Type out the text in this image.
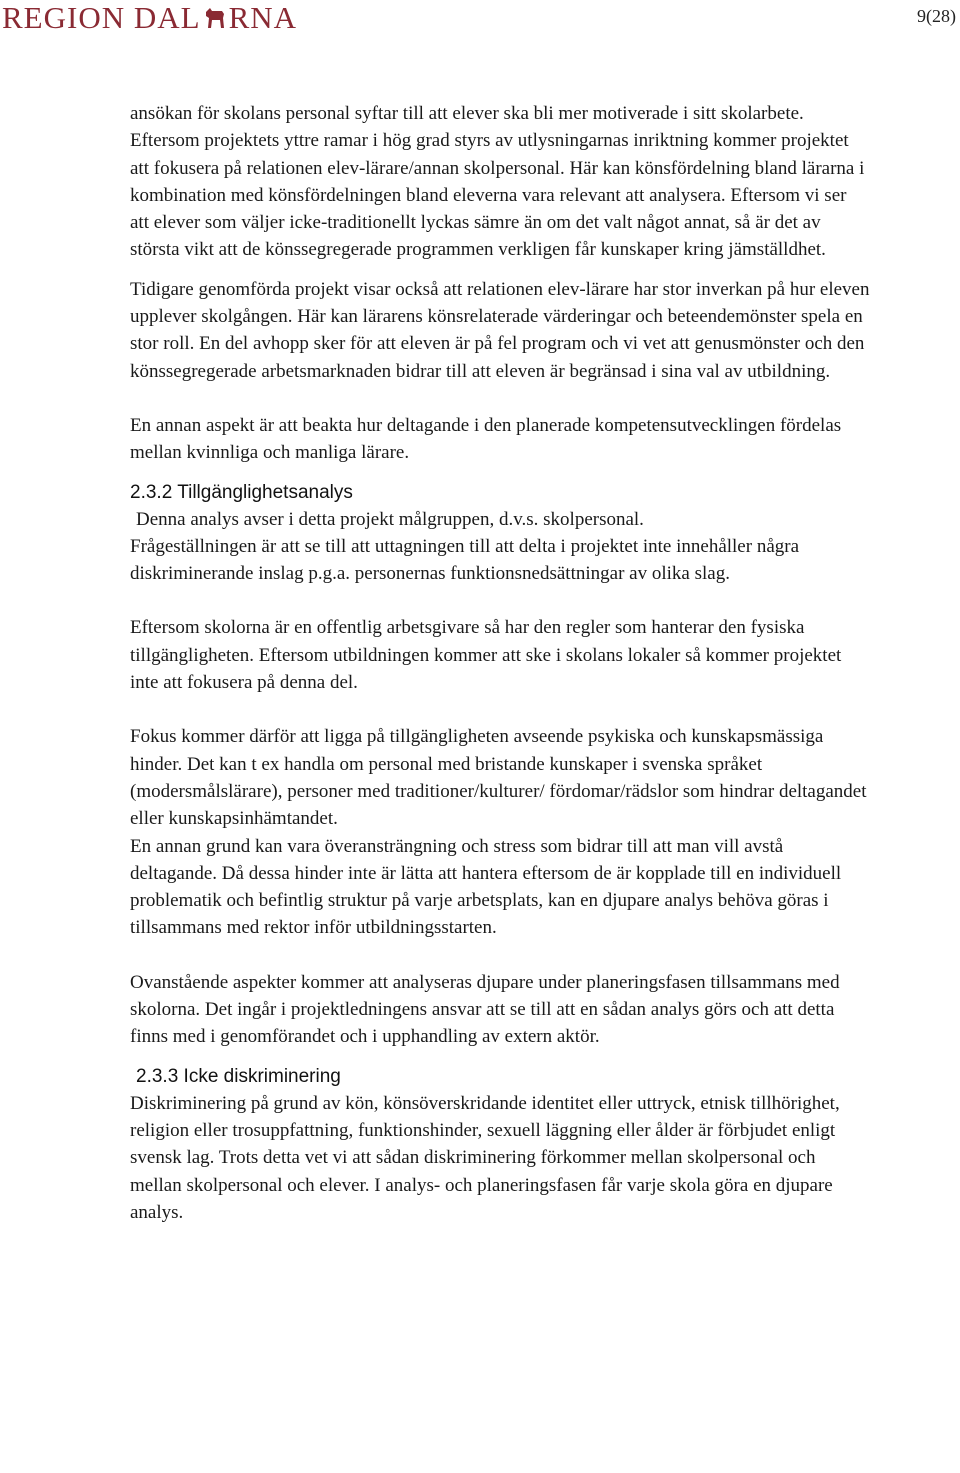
REGION DAL RNA	9(28)

ansökan för skolans personal syftar till att elever ska bli mer motiverade i sitt skolarbete.

Eftersom projektets yttre ramar i hög grad styrs av utlysningarnas inriktning kommer projektet att fokusera på relationen elev-lärare/annan skolpersonal. Här kan könsfördelning bland lärarna i kombination med könsfördelningen bland eleverna vara relevant att analysera. Eftersom vi ser att elever som väljer icke-traditionellt lyckas sämre än om det valt något annat, så är det av största vikt att de könssegregerade programmen verkligen får kunskaper kring jämställdhet.

Tidigare genomförda projekt visar också att relationen elev-lärare har stor inverkan på hur eleven upplever skolgången. Här kan lärarens könsrelaterade värderingar och beteendemönster spela en stor roll. En del avhopp sker för att eleven är på fel program och vi vet att genusmönster och den könssegregerade arbetsmarknaden bidrar till att eleven är begränsad i sina val av utbildning.

En annan aspekt är att beakta hur deltagande i den planerade kompetensutvecklingen fördelas mellan kvinnliga och manliga lärare.

2.3.2 Tillgänglighetsanalys

Denna analys avser i detta projekt målgruppen, d.v.s. skolpersonal.

Frågeställningen är att se till att uttagningen till att delta i projektet inte innehåller några diskriminerande inslag p.g.a. personernas funktionsnedsättningar av olika slag.

Eftersom skolorna är en offentlig arbetsgivare så har den regler som hanterar den fysiska tillgängligheten. Eftersom utbildningen kommer att ske i skolans lokaler så kommer projektet inte att fokusera på denna del.

Fokus kommer därför att ligga på tillgängligheten avseende psykiska och kunskapsmässiga hinder. Det kan t ex handla om personal med bristande kunskaper i svenska språket (modersmålslärare), personer med traditioner/kulturer/ fördomar/rädslor som hindrar deltagandet eller kunskapsinhämtandet.

En annan grund kan vara överansträngning och stress som bidrar till att man vill avstå deltagande. Då dessa hinder inte är lätta att hantera eftersom de är kopplade till en individuell problematik och befintlig struktur på varje arbetsplats, kan en djupare analys behöva göras i tillsammans med rektor inför utbildningsstarten.

Ovanstående aspekter kommer att analyseras djupare under planeringsfasen tillsammans med skolorna. Det ingår i projektledningens ansvar att se till att en sådan analys görs och att detta finns med i genomförandet och i upphandling av extern aktör.

2.3.3 Icke diskriminering

Diskriminering på grund av kön, könsöverskridande identitet eller uttryck, etnisk tillhörighet, religion eller trosuppfattning, funktionshinder, sexuell läggning eller ålder är förbjudet enligt svensk lag. Trots detta vet vi att sådan diskriminering förkommer mellan skolpersonal och mellan skolpersonal och elever. I analys- och planeringsfasen får varje skola göra en djupare analys.
